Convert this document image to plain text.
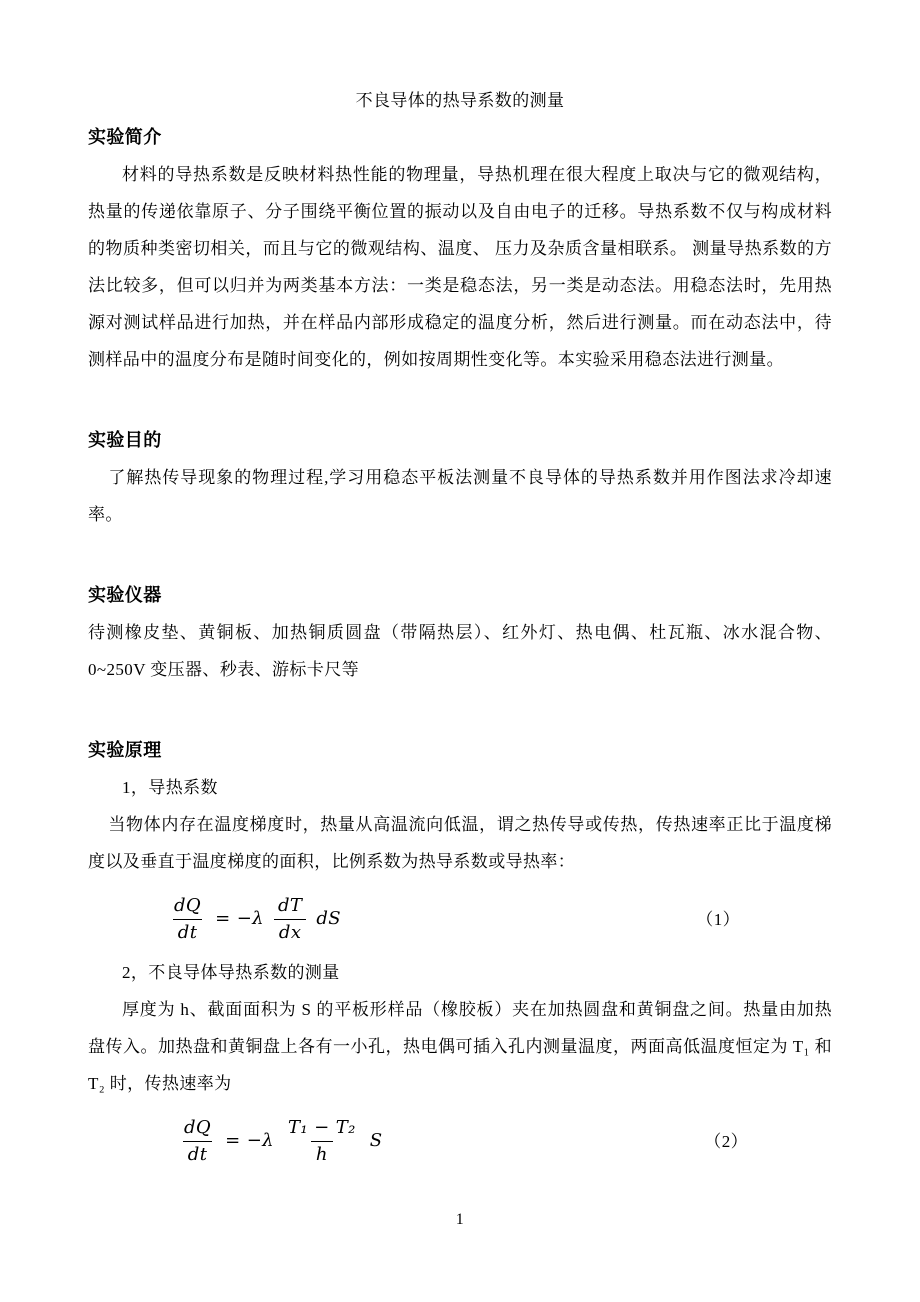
不良导体的热导系数的测量
实验简介

材料的导热系数是反映材料热性能的物理量，导热机理在很大程度上取决与它的微观结构，热量的传递依靠原子、分子围绕平衡位置的振动以及自由电子的迁移。导热系数不仅与构成材料的物质种类密切相关，而且与它的微观结构、温度、 压力及杂质含量相联系。 测量导热系数的方法比较多，但可以归并为两类基本方法：一类是稳态法，另一类是动态法。用稳态法时，先用热源对测试样品进行加热，并在样品内部形成稳定的温度分析，然后进行测量。而在动态法中，待测样品中的温度分布是随时间变化的，例如按周期性变化等。本实验采用稳态法进行测量。

实验目的

了解热传导现象的物理过程,学习用稳态平板法测量不良导体的导热系数并用作图法求冷却速率。

实验仪器

待测橡皮垫、黄铜板、加热铜质圆盘（带隔热层）、红外灯、热电偶、杜瓦瓶、冰水混合物、0~250V 变压器、秒表、游标卡尺等

实验原理

1，导热系数

当物体内存在温度梯度时，热量从高温流向低温，谓之热传导或传热，传热速率正比于温度梯度以及垂直于温度梯度的面积，比例系数为热导系数或导热率：

$\frac{dQ}{dt} = -\lambda \frac{dT}{dx}$ dS	（1）

2，不良导体导热系数的测量

厚度为 h、截面面积为 S 的平板形样品（橡胶板）夹在加热圆盘和黄铜盘之间。热量由加热盘传入。加热盘和黄铜盘上各有一小孔，热电偶可插入孔内测量温度，两面高低温度恒定为 T₁ 和 T₂ 时，传热速率为

$\frac{dQ}{dt} = -\lambda \frac{\text{T₁ − T₂}}{h}$ S	（2）
1
